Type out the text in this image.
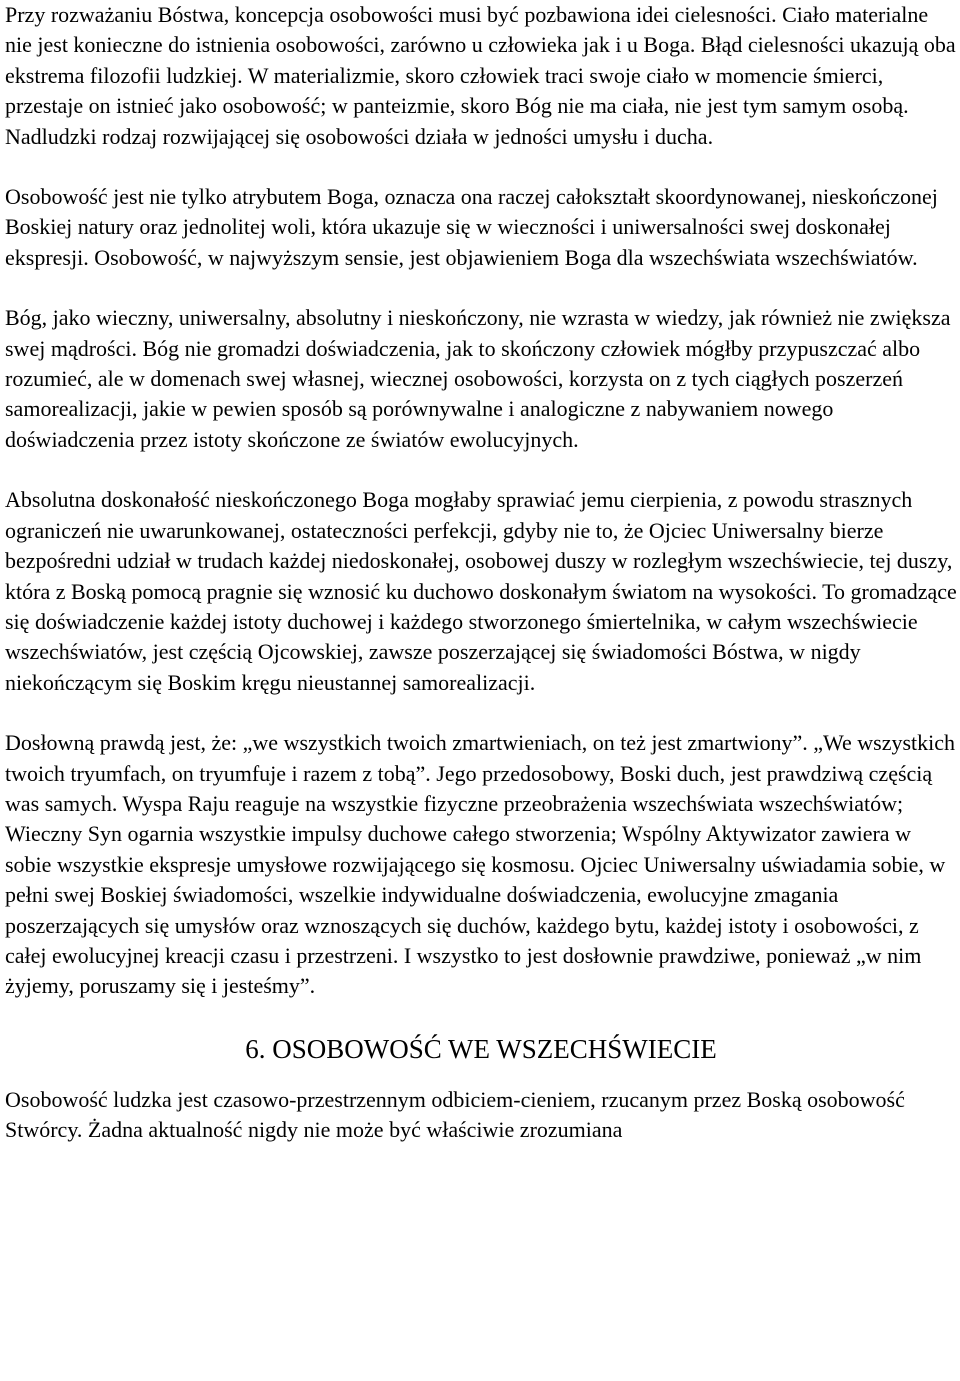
Przy rozważaniu Bóstwa, koncepcja osobowości musi być pozbawiona idei cielesności. Ciało materialne nie jest konieczne do istnienia osobowości, zarówno u człowieka jak i u Boga. Błąd cielesności ukazują oba ekstrema filozofii ludzkiej. W materializmie, skoro człowiek traci swoje ciało w momencie śmierci, przestaje on istnieć jako osobowość; w panteizmie, skoro Bóg nie ma ciała, nie jest tym samym osobą. Nadludzki rodzaj rozwijającej się osobowości działa w jedności umysłu i ducha.

Osobowość jest nie tylko atrybutem Boga, oznacza ona raczej całokształt skoordynowanej, nieskończonej Boskiej natury oraz jednolitej woli, która ukazuje się w wieczności i uniwersalności swej doskonałej ekspresji. Osobowość, w najwyższym sensie, jest objawieniem Boga dla wszechświata wszechświatów.

Bóg, jako wieczny, uniwersalny, absolutny i nieskończony, nie wzrasta w wiedzy, jak również nie zwiększa swej mądrości. Bóg nie gromadzi doświadczenia, jak to skończony człowiek mógłby przypuszczać albo rozumieć, ale w domenach swej własnej, wiecznej osobowości, korzysta on z tych ciągłych poszerzeń samorealizacji, jakie w pewien sposób są porównywalne i analogiczne z nabywaniem nowego doświadczenia przez istoty skończone ze światów ewolucyjnych.

Absolutna doskonałość nieskończonego Boga mogłaby sprawiać jemu cierpienia, z powodu strasznych ograniczeń nie uwarunkowanej, ostateczności perfekcji, gdyby nie to, że Ojciec Uniwersalny bierze bezpośredni udział w trudach każdej niedoskonałej, osobowej duszy w rozległym wszechświecie, tej duszy, która z Boską pomocą pragnie się wznosić ku duchowo doskonałym światom na wysokości. To gromadzące się doświadczenie każdej istoty duchowej i każdego stworzonego śmiertelnika, w całym wszechświecie wszechświatów, jest częścią Ojcowskiej, zawsze poszerzającej się świadomości Bóstwa, w nigdy niekończącym się Boskim kręgu nieustannej samorealizacji.

Dosłowną prawdą jest, że: „we wszystkich twoich zmartwieniach, on też jest zmartwiony”. „We wszystkich twoich tryumfach, on tryumfuje i razem z tobą”. Jego przedosobowy, Boski duch, jest prawdziwą częścią was samych. Wyspa Raju reaguje na wszystkie fizyczne przeobrażenia wszechświata wszechświatów; Wieczny Syn ogarnia wszystkie impulsy duchowe całego stworzenia; Wspólny Aktywizator zawiera w sobie wszystkie ekspresje umysłowe rozwijającego się kosmosu. Ojciec Uniwersalny uświadamia sobie, w pełni swej Boskiej świadomości, wszelkie indywidualne doświadczenia, ewolucyjne zmagania poszerzających się umysłów oraz wznoszących się duchów, każdego bytu, każdej istoty i osobowości, z całej ewolucyjnej kreacji czasu i przestrzeni. I wszystko to jest dosłownie prawdziwe, ponieważ „w nim żyjemy, poruszamy się i jesteśmy”.

6. OSOBOWOŚĆ WE WSZECHŚWIECIE

Osobowość ludzka jest czasowo-przestrzennym odbiciem-cieniem, rzucanym przez Boską osobowość Stwórcy. Żadna aktualność nigdy nie może być właściwie zrozumiana
